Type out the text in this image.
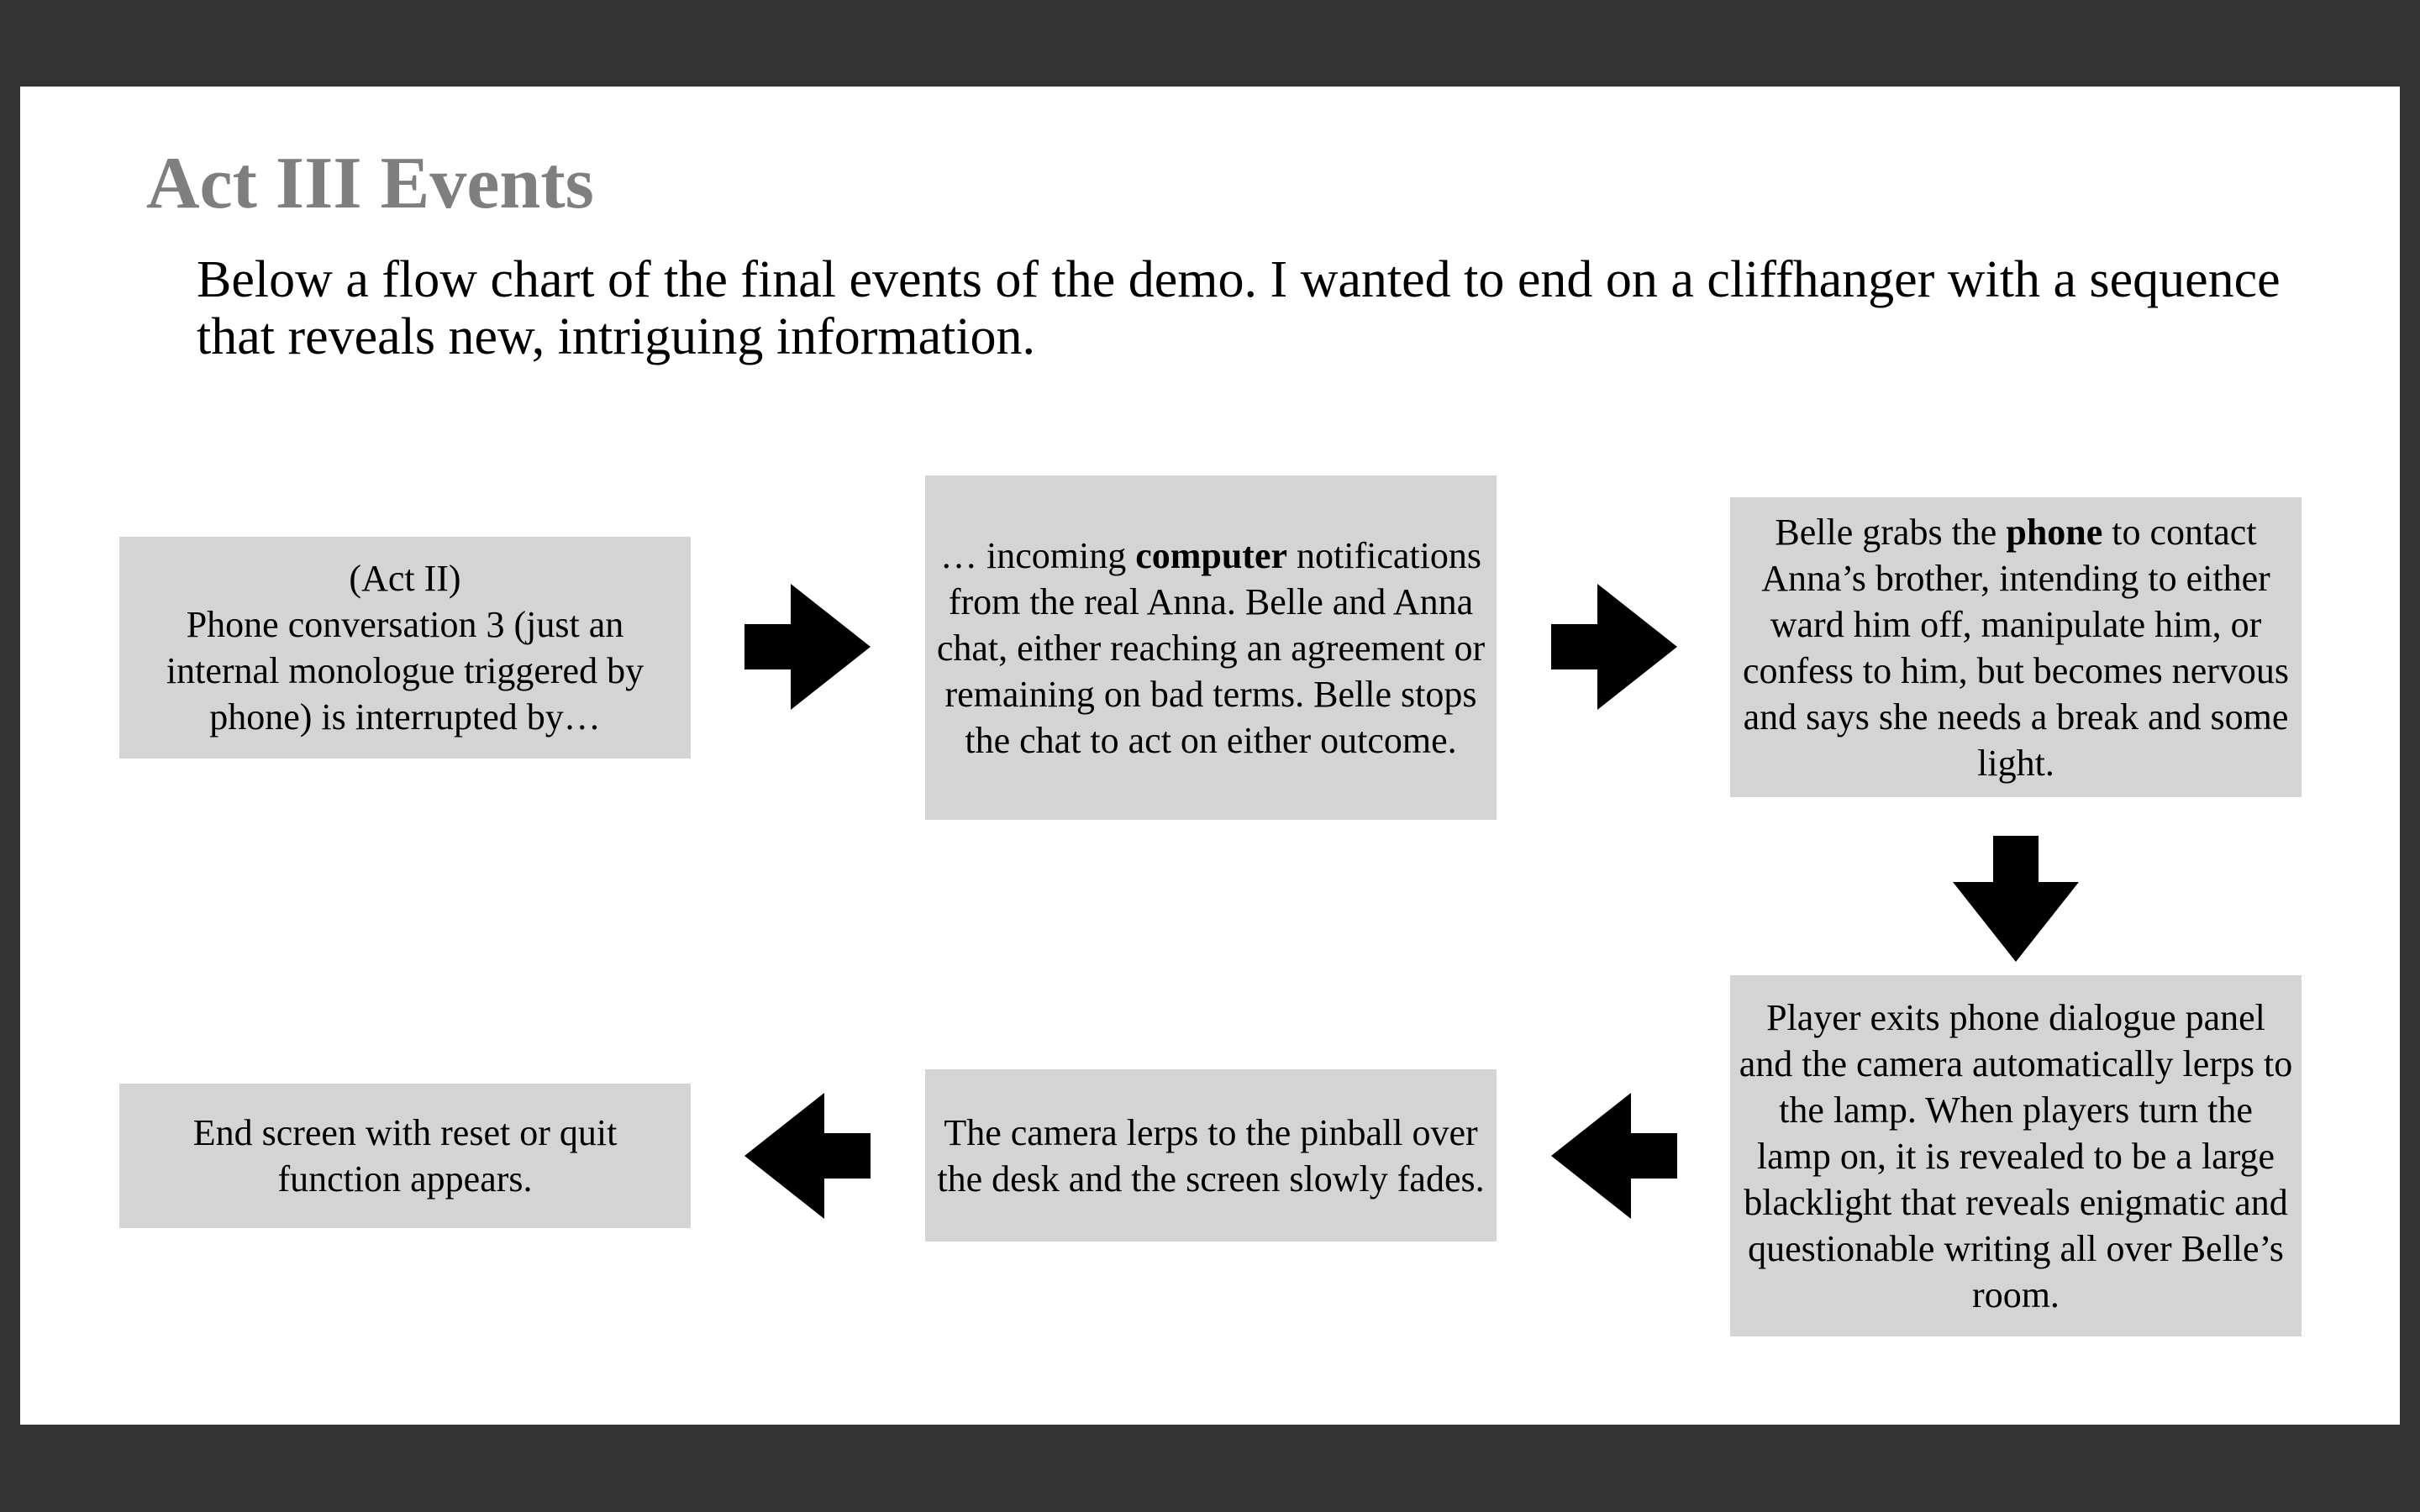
Act III Events

Below a flow chart of the final events of the demo. I wanted to end on a cliffhanger with a sequence that reveals new, intriguing information.

(Act II)
Phone conversation 3 (just an internal monologue triggered by phone) is interrupted by…
… incoming computer notifications from the real Anna. Belle and Anna chat, either reaching an agreement or remaining on bad terms. Belle stops the chat to act on either outcome.
Belle grabs the phone to contact Anna’s brother, intending to either ward him off, manipulate him, or confess to him, but becomes nervous and says she needs a break and some light.
Player exits phone dialogue panel and the camera automatically lerps to the lamp. When players turn the lamp on, it is revealed to be a large blacklight that reveals enigmatic and questionable writing all over Belle’s room.
The camera lerps to the pinball over the desk and the screen slowly fades.
End screen with reset or quit function appears.
